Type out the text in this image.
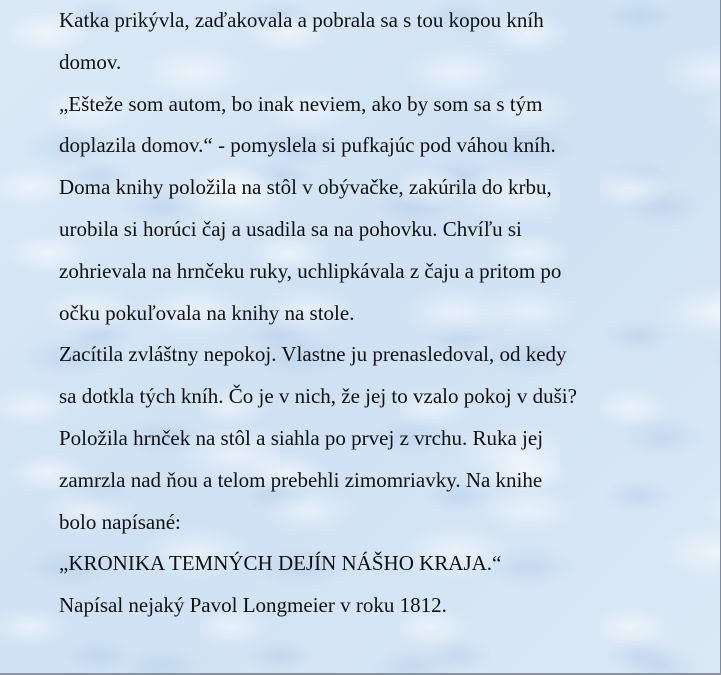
Katka prikývla, zaďakovala a pobrala sa s tou kopou kníh
domov.
„Ešteže som autom, bo inak neviem, ako by som sa s tým
doplazila domov.“ - pomyslela si pufkajúc pod váhou kníh.
Doma knihy položila na stôl v obývačke, zakúrila do krbu,
urobila si horúci čaj a usadila sa na pohovku. Chvíľu si
zohrievala na hrnčeku ruky, uchlipkávala z čaju a pritom po
očku pokuľovala na knihy na stole.
Zacítila zvláštny nepokoj. Vlastne ju prenasledoval, od kedy
sa dotkla tých kníh. Čo je v nich, že jej to vzalo pokoj v duši?
Položila hrnček na stôl a siahla po prvej z vrchu. Ruka jej
zamrzla nad ňou a telom prebehli zimomriavky. Na knihe
bolo napísané:
„KRONIKA TEMNÝCH DEJÍN NÁŠHO KRAJA.“
Napísal nejaký Pavol Longmeier v roku 1812.
